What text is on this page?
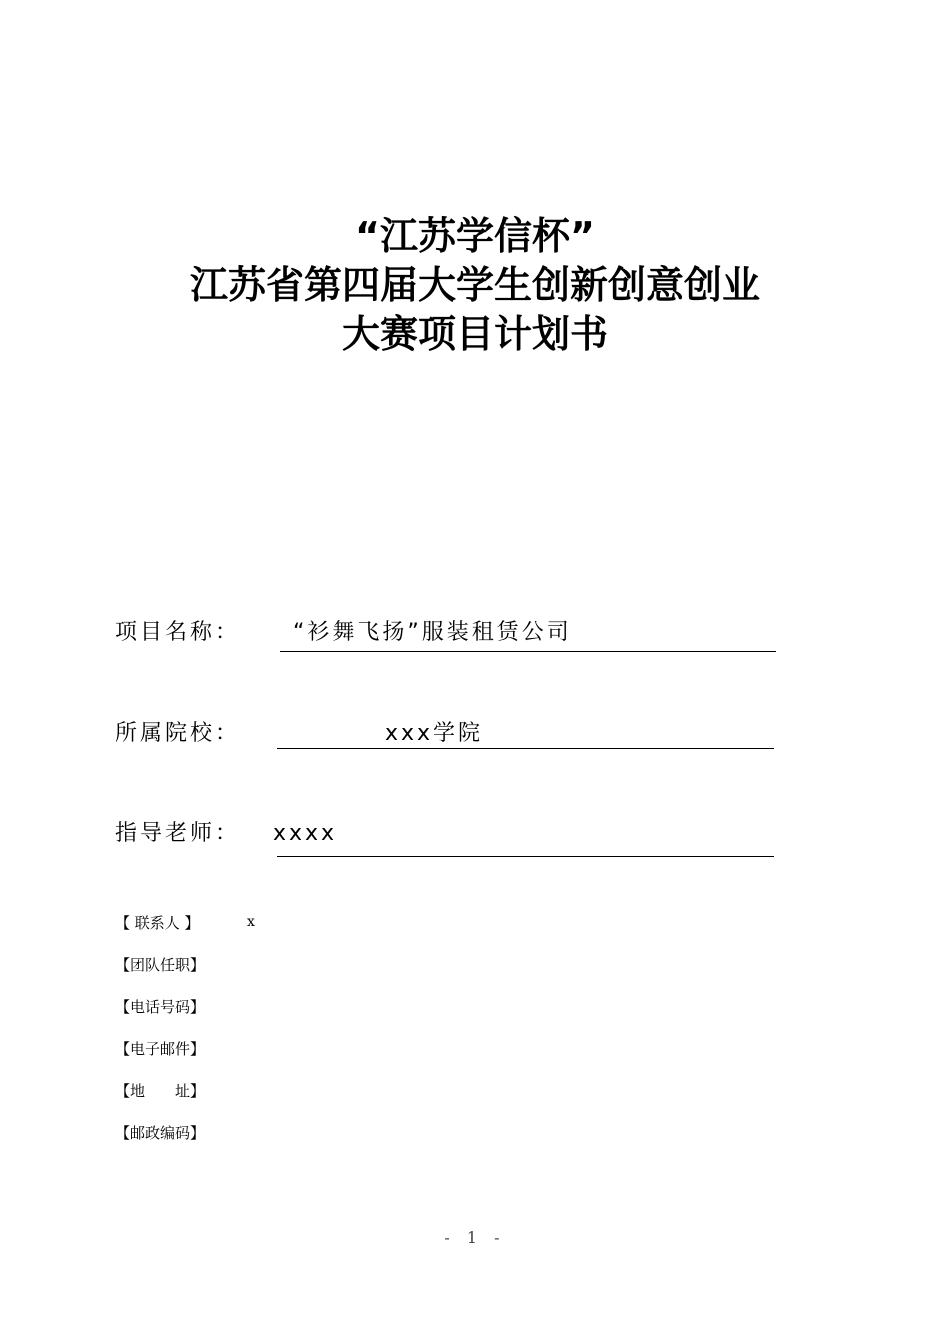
“江苏学信杯”
江苏省第四届大学生创新创意创业
大赛项目计划书
项目名称： “衫舞飞扬”服装租赁公司
所属院校：	xxx学院
指导老师： xxxx
【 联系人 】	x
【团队任职】
【电话号码】
【电子邮件】
【地　　址】
【邮政编码】
- 1 -
